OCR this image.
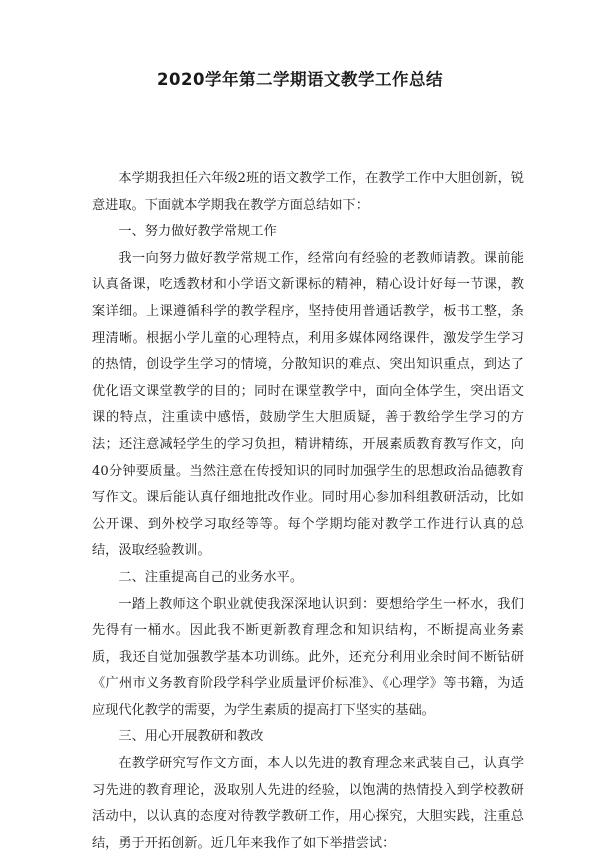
2020学年第二学期语文教学工作总结

本学期我担任六年级2班的语文教学工作，在教学工作中大胆创新，锐意进取。下面就本学期我在教学方面总结如下：

一、努力做好教学常规工作

我一向努力做好教学常规工作，经常向有经验的老教师请教。课前能认真备课，吃透教材和小学语文新课标的精神，精心设计好每一节课，教案详细。上课遵循科学的教学程序，坚持使用普通话教学，板书工整，条理清晰。根据小学儿童的心理特点，利用多媒体网络课件，激发学生学习的热情，创设学生学习的情境，分散知识的难点、突出知识重点，到达了优化语文课堂教学的目的；同时在课堂教学中，面向全体学生，突出语文课的特点，注重读中感悟，鼓励学生大胆质疑，善于教给学生学习的方法；还注意减轻学生的学习负担，精讲精练，开展素质教育教写作文，向40分钟要质量。当然注意在传授知识的同时加强学生的思想政治品德教育写作文。课后能认真仔细地批改作业。同时用心参加科组教研活动，比如公开课、到外校学习取经等等。每个学期均能对教学工作进行认真的总结，汲取经验教训。

二、注重提高自己的业务水平。

一踏上教师这个职业就使我深深地认识到：要想给学生一杯水，我们先得有一桶水。因此我不断更新教育理念和知识结构，不断提高业务素质，我还自觉加强教学基本功训练。此外，还充分利用业余时间不断钻研《广州市义务教育阶段学科学业质量评价标准》、《心理学》等书籍，为适应现代化教学的需要，为学生素质的提高打下坚实的基础。

三、用心开展教研和教改

在教学研究写作文方面，本人以先进的教育理念来武装自己，认真学习先进的教育理论，汲取别人先进的经验，以饱满的热情投入到学校教研活动中，以认真的态度对待教学教研工作，用心探究，大胆实践，注重总结，勇于开拓创新。近几年来我作了如下举措尝试：
